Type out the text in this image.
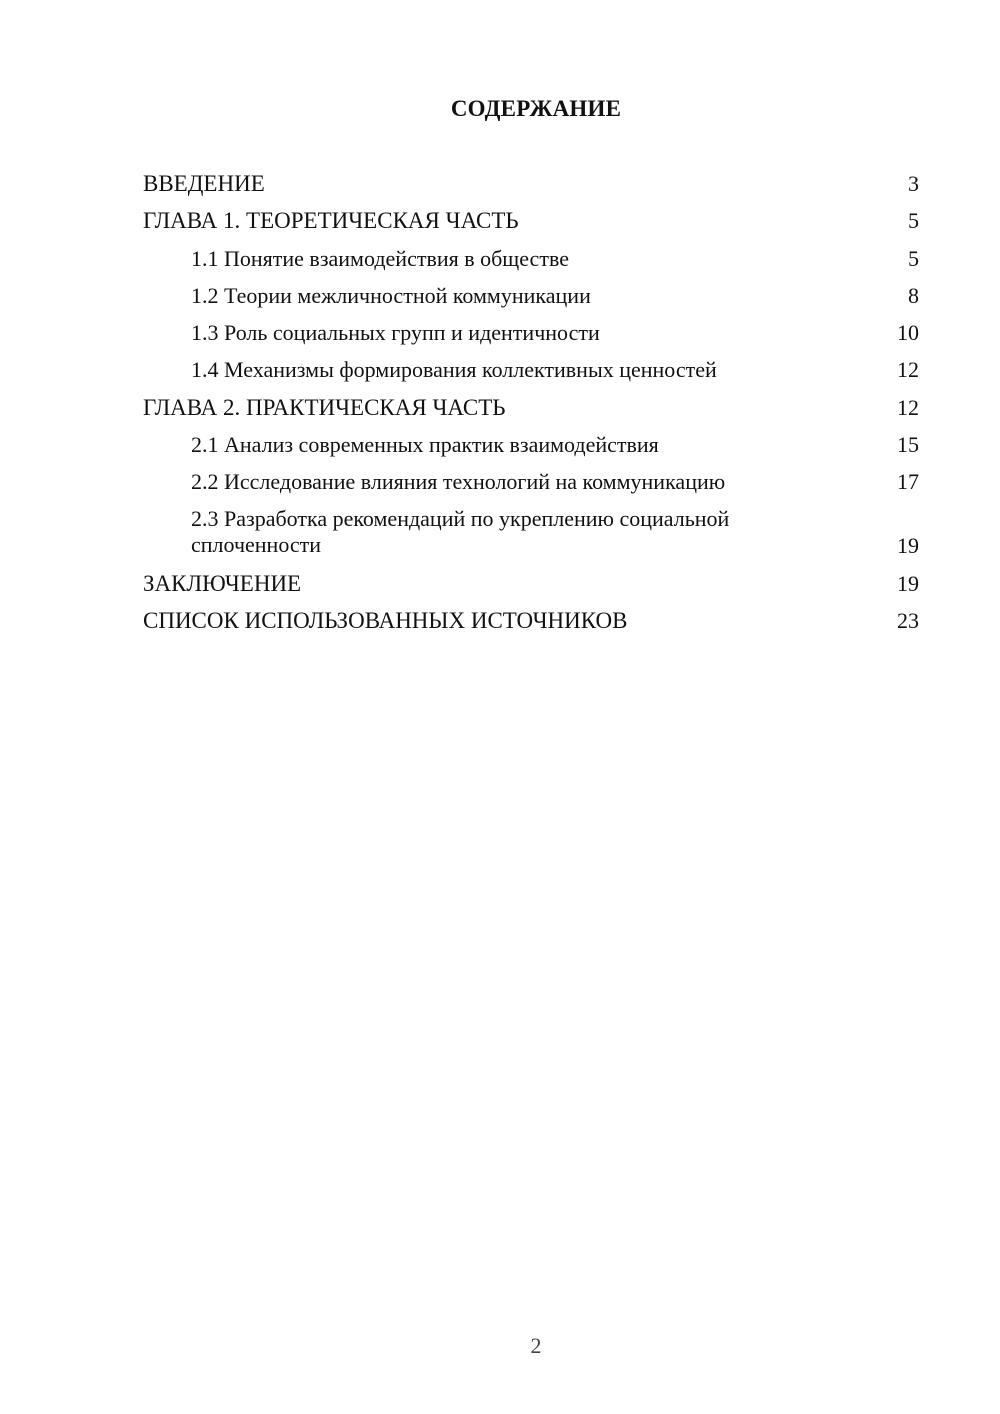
СОДЕРЖАНИЕ
ВВЕДЕНИЕ	3
ГЛАВА 1. ТЕОРЕТИЧЕСКАЯ ЧАСТЬ	5
1.1 Понятие взаимодействия в обществе	5
1.2 Теории межличностной коммуникации	8
1.3 Роль социальных групп и идентичности	10
1.4 Механизмы формирования коллективных ценностей	12
ГЛАВА 2. ПРАКТИЧЕСКАЯ ЧАСТЬ	12
2.1 Анализ современных практик взаимодействия	15
2.2 Исследование влияния технологий на коммуникацию	17
2.3 Разработка рекомендаций по укреплению социальной сплоченности	19
ЗАКЛЮЧЕНИЕ	19
СПИСОК ИСПОЛЬЗОВАННЫХ ИСТОЧНИКОВ	23
2
